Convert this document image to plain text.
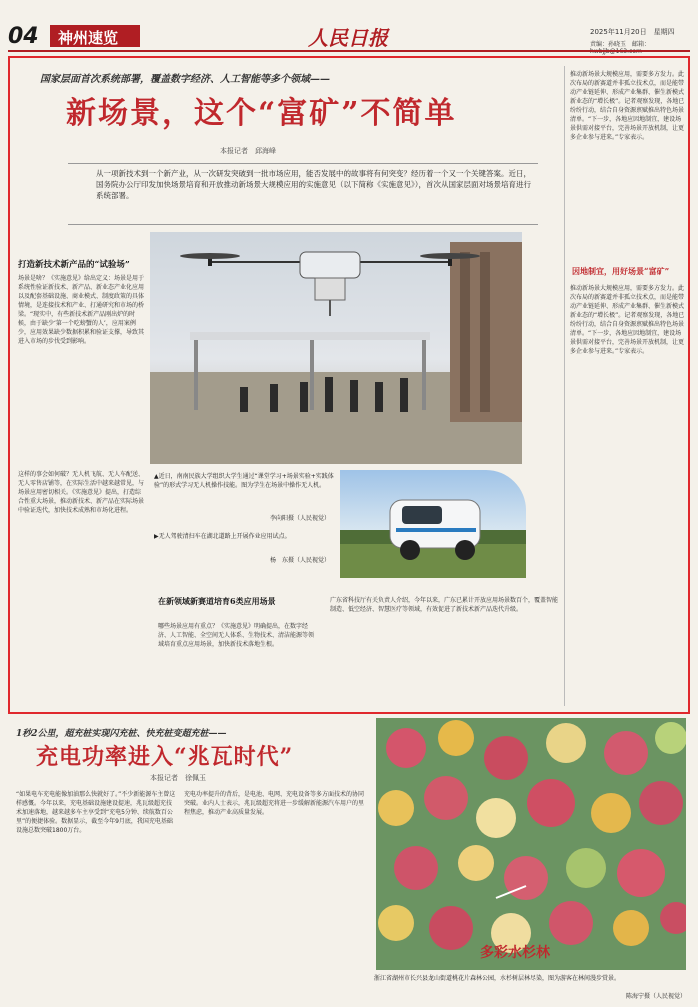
04	神州速览	人民日报	2025年11月20日　星期四
责编：孙晓玉　邮箱：
国家层面首次系统部署，覆盖数字经济、人工智能等多个领域——
新场景，这个“富矿”不简单
本报记者　邱海峰
从一项新技术到一个新产业，从一次研发突破到一批市场应用，能否发展中的故事将有何突变？经历着一个又一个关键答案。近日，国务院办公厅印发加快场景培育和开放推动新场景大规模应用的实施意见（以下简称《实施意见》），首次从国家层面对场景培育进行系统部署。
打造新技术新产品的“试验场”
场景是啥？《实施意见》给出定义：场景是用于系统性验证新技术、新产品、新业态产业化应用以及配套基础设施、商业模式、制度政策的具体情境，是连接技术和产业、打通研究和市场的桥梁。“现实中，有些新技术新产品刚出炉的时候，由于缺少‘第一个吃螃蟹的人’，应用案例少，应用效果缺少数据积累和验证支撑，导致其进入市场的步伐受到影响。
这样的事会如何破？无人机飞航、无人车配送、无人零售店铺等，在实际生活中越来越常见，与场景应用密切相关。《实施意见》提出，打造综合性重大场景，推动新技术、新产品在实际场景中验证迭代，加快技术成熟和市场化进程。
▲近日，南南民族大学组织大学生通过“课堂学习+场景实验+实践体验”的形式学习无人机操作技能。图为学生在场景中操作无人机。
李向阳摄（人民视觉）
▶无人驾驶清扫车在湖北道路上开展作业应用试点。
杨　东摄（人民视觉）
在新领域新赛道培育6类应用场景
哪些场景应用有重点？《实施意见》明确提出，在数字经济、人工智能、全空间无人体系、生物技术、清洁能源等领域培育重点应用场景，加快新技术落地生根。
广东省科技厅有关负责人介绍，今年以来，广东已累计开放应用场景数百个，覆盖智能制造、低空经济、智慧医疗等领域，有效促进了新技术新产品迭代升级。
推动新场景大规模应用，需要多方发力。此次布局的新赛道并非孤立技术点，而是能带动产业链延伸、形成产业集群、催生新模式新业态的“增长极”。记者观察发现，各地已纷纷行动，结合自身资源禀赋推出特色场景清单。“下一步，各地应因地制宜，建设场景供需对接平台，完善场景开放机制，让更多企业参与进来。”专家表示。
因地制宜，用好场景“富矿”
推动新场景大规模应用，需要多方发力。此次布局的新赛道并非孤立技术点，而是能带动产业链延伸、形成产业集群、催生新模式新业态的“增长极”。记者观察发现，各地已纷纷行动，结合自身资源禀赋推出特色场景清单。“下一步，各地应因地制宜，建设场景供需对接平台，完善场景开放机制，让更多企业参与进来。”专家表示。
1秒2公里，超充桩实现闪充桩、快充桩变超充桩——
充电功率进入“兆瓦时代”
本报记者　徐佩玉
“如果电车充电能像加油那么快就好了。”不少新能源车主曾这样感慨。今年以来，充电基础设施建设提速，兆瓦级超充技术加速落地，越来越多车主享受到“充电5分钟、续航数百公里”的便捷体验。数据显示，截至今年9月底，我国充电基础设施总数突破1800万台。
充电功率提升的背后，是电池、电网、充电设备等多方面技术的协同突破。业内人士表示，兆瓦级超充将进一步缓解新能源汽车用户的里程焦虑，推动产业高质量发展。
多彩水杉林
浙江省湖州市长兴县龙山街道桃花片森林公园，水杉树层林尽染，图为游客在林间漫步赏景。
陈海宁摄（人民视觉）
